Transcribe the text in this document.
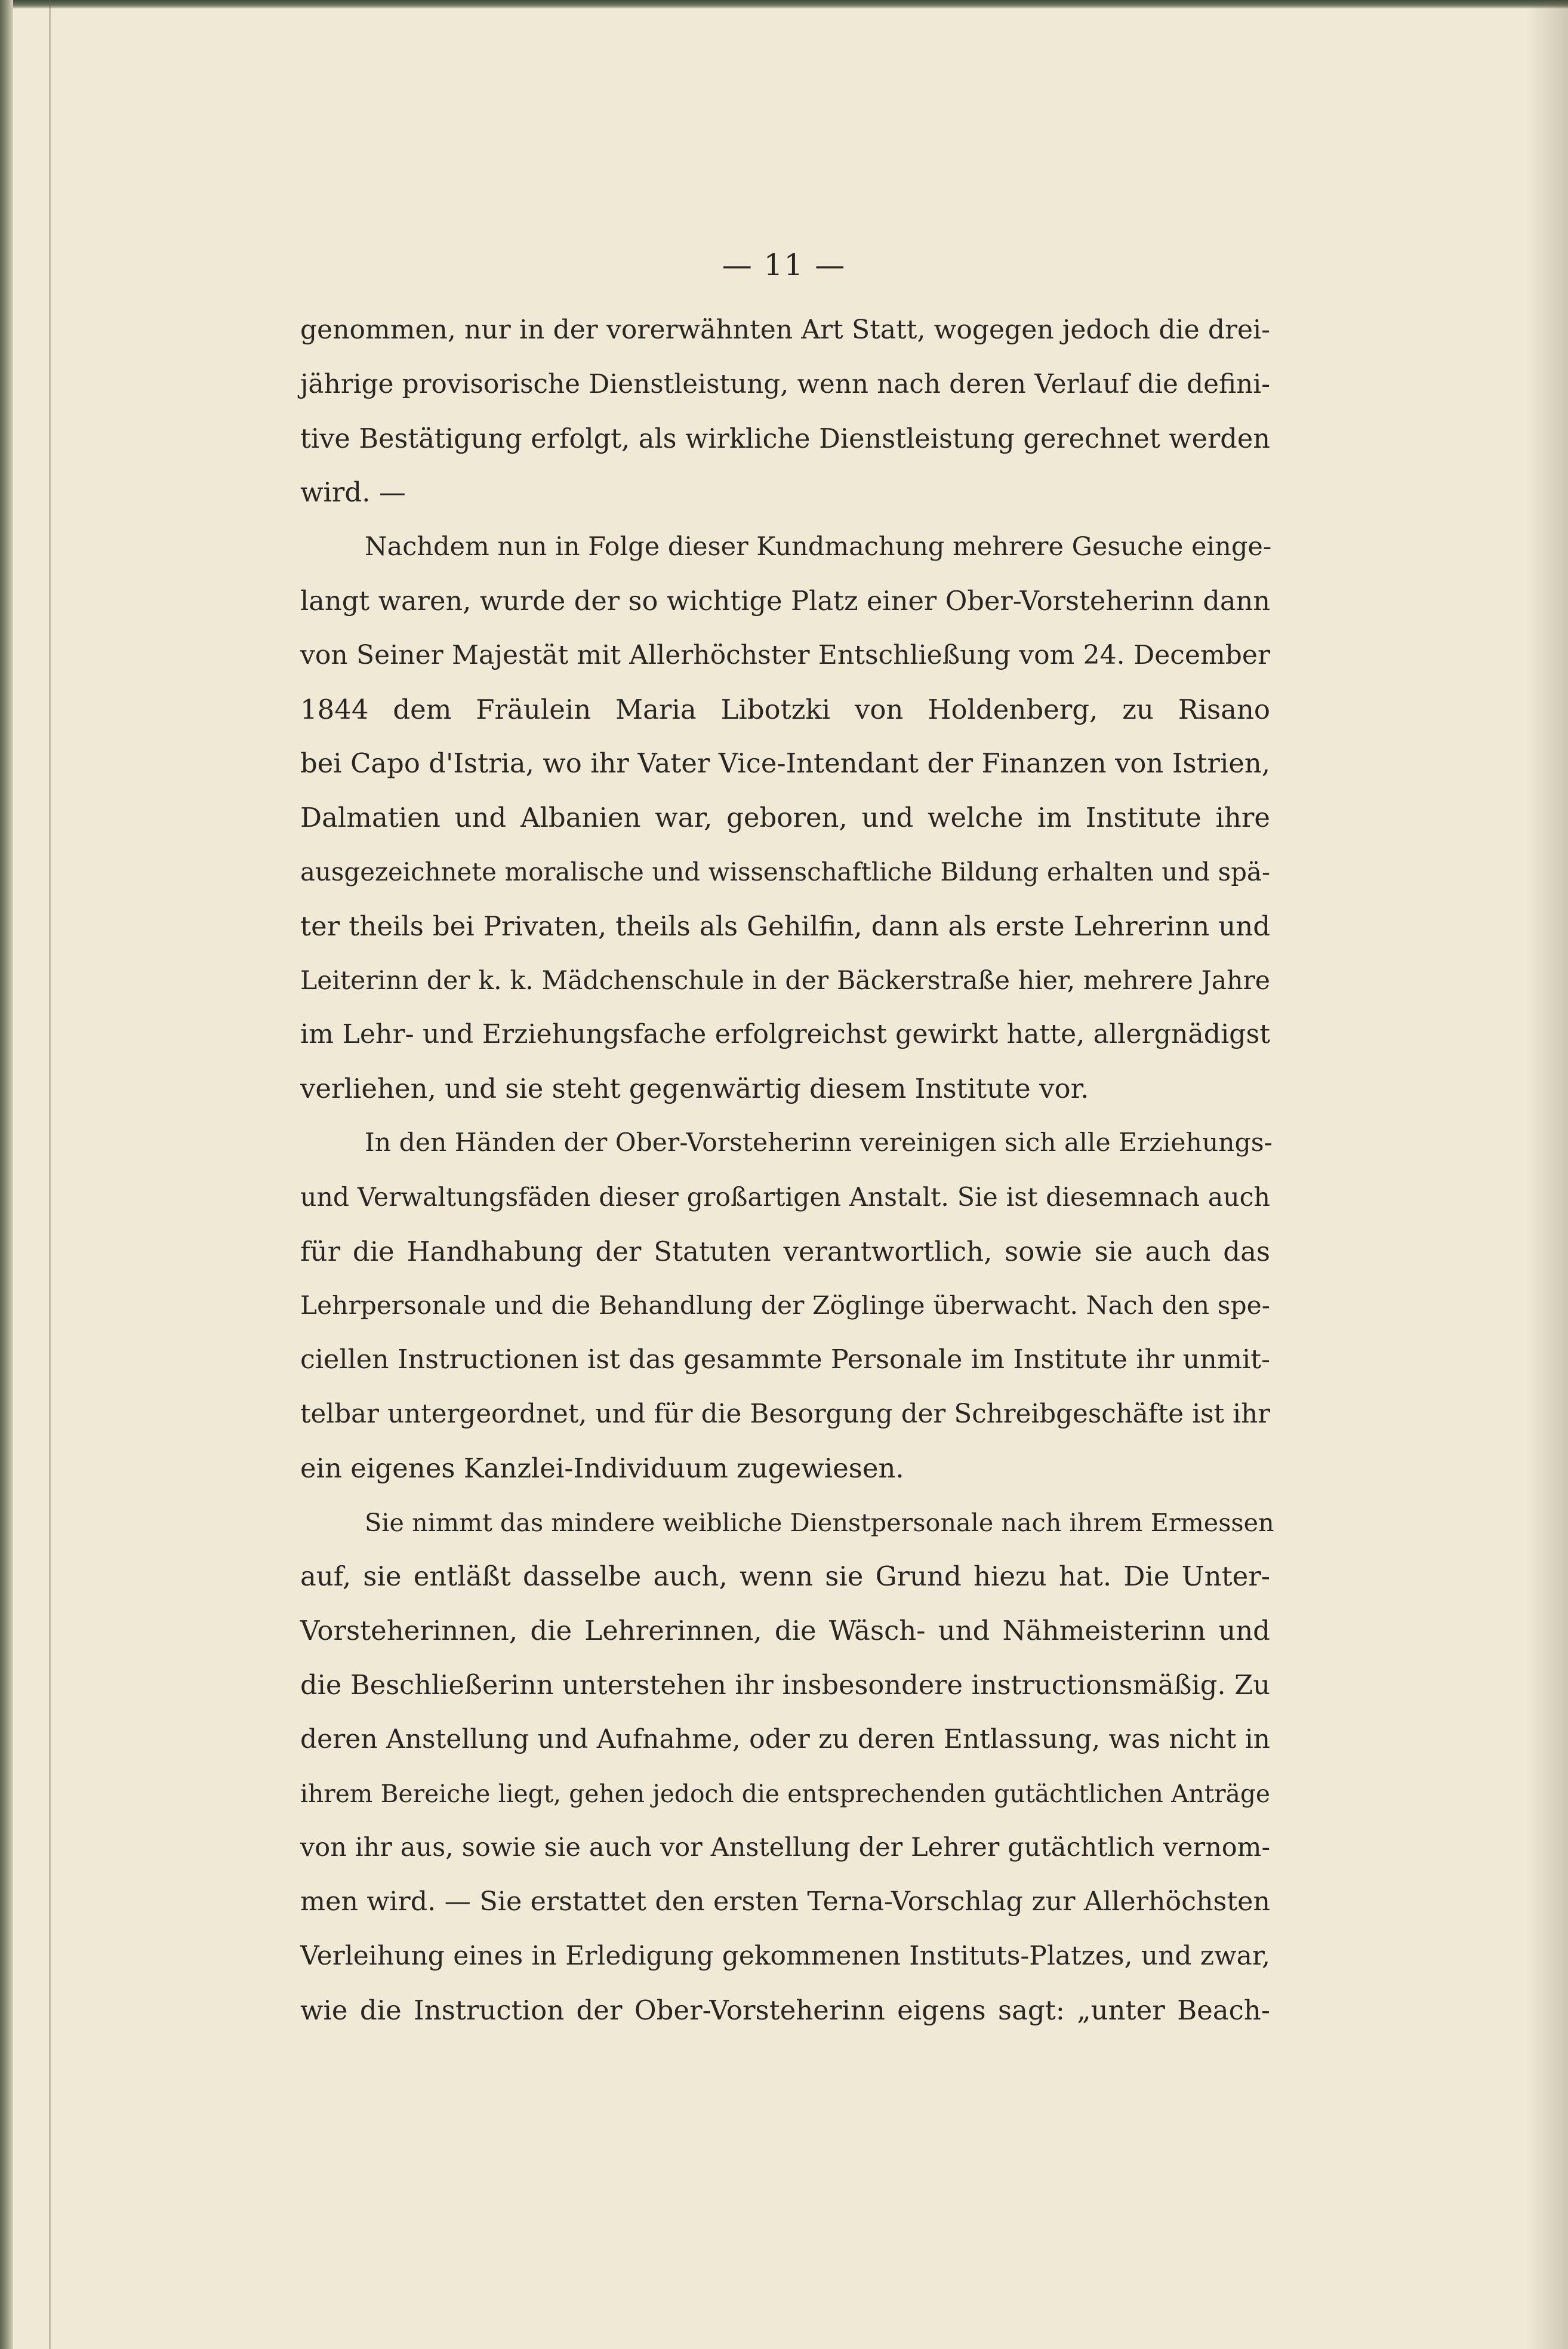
— 11 —
genommen, nur in der vorerwähnten Art Statt, wogegen jedoch die drei-
jährige provisorische Dienstleistung, wenn nach deren Verlauf die defini-
tive Bestätigung erfolgt, als wirkliche Dienstleistung gerechnet werden
wird. —
Nachdem nun in Folge dieser Kundmachung mehrere Gesuche einge-
langt waren, wurde der so wichtige Platz einer Ober-Vorsteherinn dann
von Seiner Majestät mit Allerhöchster Entschließung vom 24. December
1844 dem Fräulein Maria Libotzki von Holdenberg, zu Risano
bei Capo d'Istria, wo ihr Vater Vice-Intendant der Finanzen von Istrien,
Dalmatien und Albanien war, geboren, und welche im Institute ihre
ausgezeichnete moralische und wissenschaftliche Bildung erhalten und spä-
ter theils bei Privaten, theils als Gehilfin, dann als erste Lehrerinn und
Leiterinn der k. k. Mädchenschule in der Bäckerstraße hier, mehrere Jahre
im Lehr- und Erziehungsfache erfolgreichst gewirkt hatte, allergnädigst
verliehen, und sie steht gegenwärtig diesem Institute vor.
In den Händen der Ober-Vorsteherinn vereinigen sich alle Erziehungs-
und Verwaltungsfäden dieser großartigen Anstalt. Sie ist diesemnach auch
für die Handhabung der Statuten verantwortlich, sowie sie auch das
Lehrpersonale und die Behandlung der Zöglinge überwacht. Nach den spe-
ciellen Instructionen ist das gesammte Personale im Institute ihr unmit-
telbar untergeordnet, und für die Besorgung der Schreibgeschäfte ist ihr
ein eigenes Kanzlei-Individuum zugewiesen.
Sie nimmt das mindere weibliche Dienstpersonale nach ihrem Ermessen
auf, sie entläßt dasselbe auch, wenn sie Grund hiezu hat. Die Unter-
Vorsteherinnen, die Lehrerinnen, die Wäsch- und Nähmeisterinn und
die Beschließerinn unterstehen ihr insbesondere instructionsmäßig. Zu
deren Anstellung und Aufnahme, oder zu deren Entlassung, was nicht in
ihrem Bereiche liegt, gehen jedoch die entsprechenden gutächtlichen Anträge
von ihr aus, sowie sie auch vor Anstellung der Lehrer gutächtlich vernom-
men wird. — Sie erstattet den ersten Terna-Vorschlag zur Allerhöchsten
Verleihung eines in Erledigung gekommenen Instituts-Platzes, und zwar,
wie die Instruction der Ober-Vorsteherinn eigens sagt: „unter Beach-
